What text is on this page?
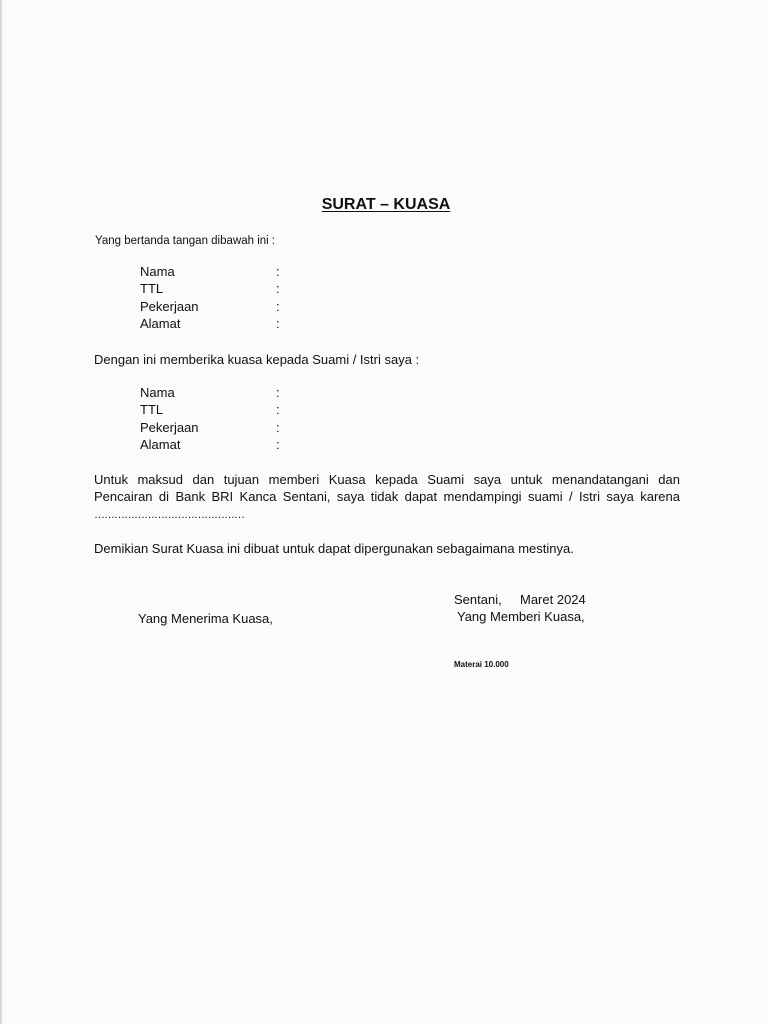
SURAT – KUASA
Yang bertanda tangan dibawah ini :
Nama	:
TTL	:
Pekerjaan	:
Alamat	:
Dengan ini memberika kuasa kepada Suami / Istri saya :
Nama	:
TTL	:
Pekerjaan	:
Alamat	:
Untuk maksud dan tujuan memberi Kuasa kepada Suami saya untuk menandatangani dan
Pencairan di Bank BRI Kanca Sentani, saya tidak dapat mendampingi suami / Istri saya karena
………………………………………
Demikian Surat Kuasa ini dibuat untuk dapat dipergunakan sebagaimana mestinya.
Sentani, Maret 2024
Yang Menerima Kuasa,	Yang Memberi Kuasa,
Materai 10.000
